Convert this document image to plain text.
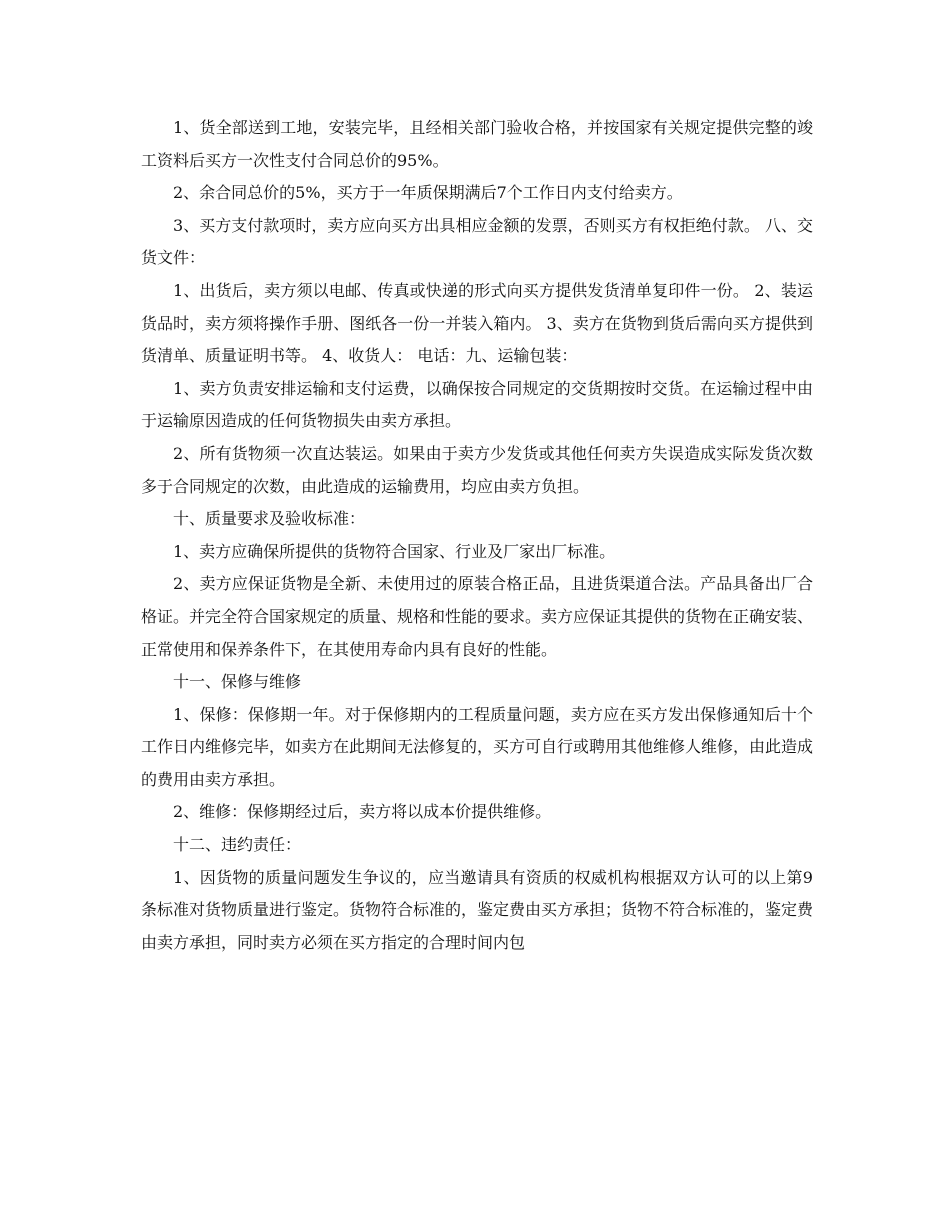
1、货全部送到工地，安装完毕，且经相关部门验收合格，并按国家有关规定提供完整的竣工资料后买方一次性支付合同总价的95%。

2、余合同总价的5%，买方于一年质保期满后7个工作日内支付给卖方。

3、买方支付款项时，卖方应向买方出具相应金额的发票，否则买方有权拒绝付款。 八、交货文件：

1、出货后，卖方须以电邮、传真或快递的形式向买方提供发货清单复印件一份。 2、装运货品时，卖方须将操作手册、图纸各一份一并装入箱内。 3、卖方在货物到货后需向买方提供到货清单、质量证明书等。 4、收货人： 电话：九、运输包装：

1、卖方负责安排运输和支付运费，以确保按合同规定的交货期按时交货。在运输过程中由于运输原因造成的任何货物损失由卖方承担。

2、所有货物须一次直达装运。如果由于卖方少发货或其他任何卖方失误造成实际发货次数多于合同规定的次数，由此造成的运输费用，均应由卖方负担。

十、质量要求及验收标准：

1、卖方应确保所提供的货物符合国家、行业及厂家出厂标准。

2、卖方应保证货物是全新、未使用过的原装合格正品，且进货渠道合法。产品具备出厂合格证。并完全符合国家规定的质量、规格和性能的要求。卖方应保证其提供的货物在正确安装、正常使用和保养条件下，在其使用寿命内具有良好的性能。

十一、保修与维修

1、保修：保修期一年。对于保修期内的工程质量问题，卖方应在买方发出保修通知后十个工作日内维修完毕，如卖方在此期间无法修复的，买方可自行或聘用其他维修人维修，由此造成的费用由卖方承担。

2、维修：保修期经过后，卖方将以成本价提供维修。

十二、违约责任：

1、因货物的质量问题发生争议的，应当邀请具有资质的权威机构根据双方认可的以上第9条标准对货物质量进行鉴定。货物符合标准的，鉴定费由买方承担；货物不符合标准的，鉴定费由卖方承担，同时卖方必须在买方指定的合理时间内包
